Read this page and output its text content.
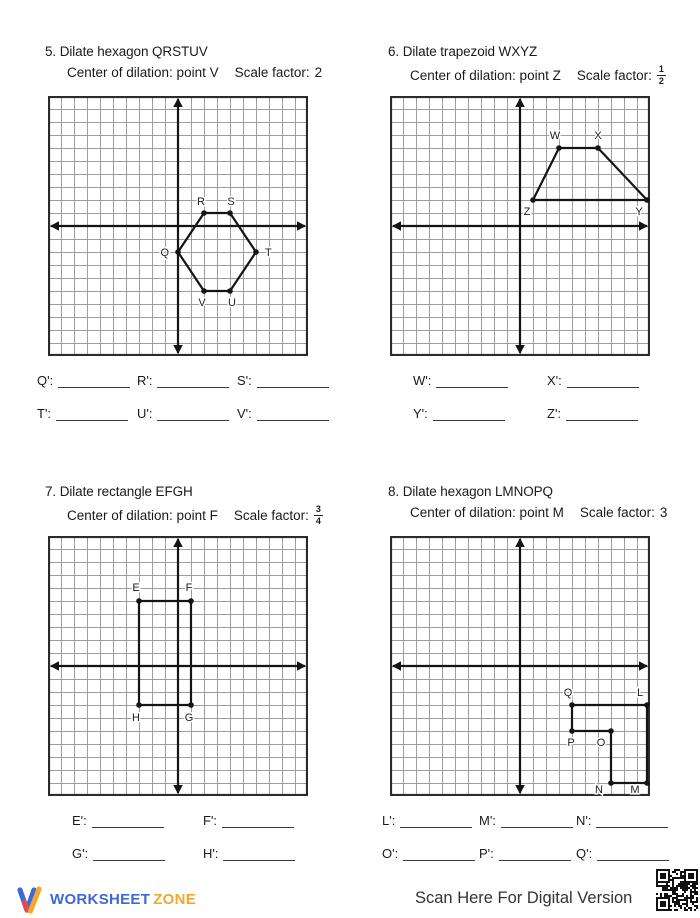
5. Dilate hexagon QRSTUV
Center of dilation: point V Scale factor: 2
Q
R S
T
U
V
Q':	R':	S':
T':	U':	V':
6. Dilate trapezoid WXYZ
Center of dilation: point Z Scale factor: $\frac{1}{2}$
W	X
Y
Z
W':	X':
Y':	Z':
7. Dilate rectangle EFGH
Center of dilation: point F Scale factor: $\frac{3}{4}$
E	F
G
H
E':	F':
G':	H':
8. Dilate hexagon LMNOPQ
Center of dilation: point M Scale factor: 3
L
M
N
O
P
Q
L':	M':	N':
O':	P':	Q':
WORKSHEET ZONE	Scan Here For Digital Version
